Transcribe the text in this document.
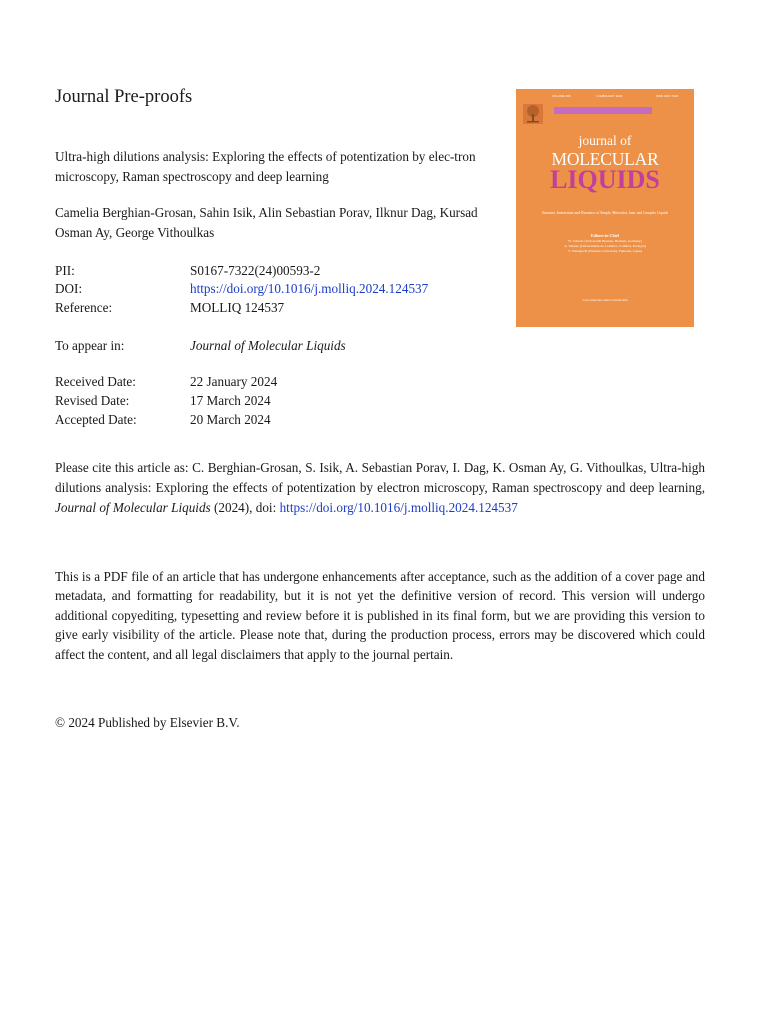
Journal Pre-proofs
Ultra-high dilutions analysis: Exploring the effects of potentization by elec-tron microscopy, Raman spectroscopy and deep learning
Camelia Berghian-Grosan, Sahin Isik, Alin Sebastian Porav, Ilknur Dag, Kursad Osman Ay, George Vithoulkas
PII:	S0167-7322(24)00593-2
DOI:	https://doi.org/10.1016/j.molliq.2024.124537
Reference:	MOLLIQ 124537
To appear in:	Journal of Molecular Liquids
Received Date:	22 January 2024
Revised Date:	17 March 2024
Accepted Date:	20 March 2024
Please cite this article as: C. Berghian-Grosan, S. Isik, A. Sebastian Porav, I. Dag, K. Osman Ay, G. Vithoulkas, Ultra-high dilutions analysis: Exploring the effects of potentization by electron microscopy, Raman spectroscopy and deep learning, Journal of Molecular Liquids (2024), doi: https://doi.org/10.1016/j.molliq.2024.124537
This is a PDF file of an article that has undergone enhancements after acceptance, such as the addition of a cover page and metadata, and formatting for readability, but it is not yet the definitive version of record. This version will undergo additional copyediting, typesetting and review before it is published in its final form, but we are providing this version to give early visibility of the article. Please note that, during the production process, errors may be discovered which could affect the content, and all legal disclaimers that apply to the journal pertain.
© 2024 Published by Elsevier B.V.
VOLUME 395	1 FEBRUARY 2024	ISSN 0167-7322
journal of
MOLECULAR
LIQUIDS
Structure, Interactions and Dynamics of Simple, Molecular, Ionic and Complex Liquids
Editors-in-Chief
W. Schröer (Universität Bremen, Bremen, Germany)
A. Valente (Universidade de Coimbra, Coimbra, Portugal)
T. Yamaguchi (Fukuoka University, Fukuoka, Japan)
www.elsevier.com/locate/molliq
